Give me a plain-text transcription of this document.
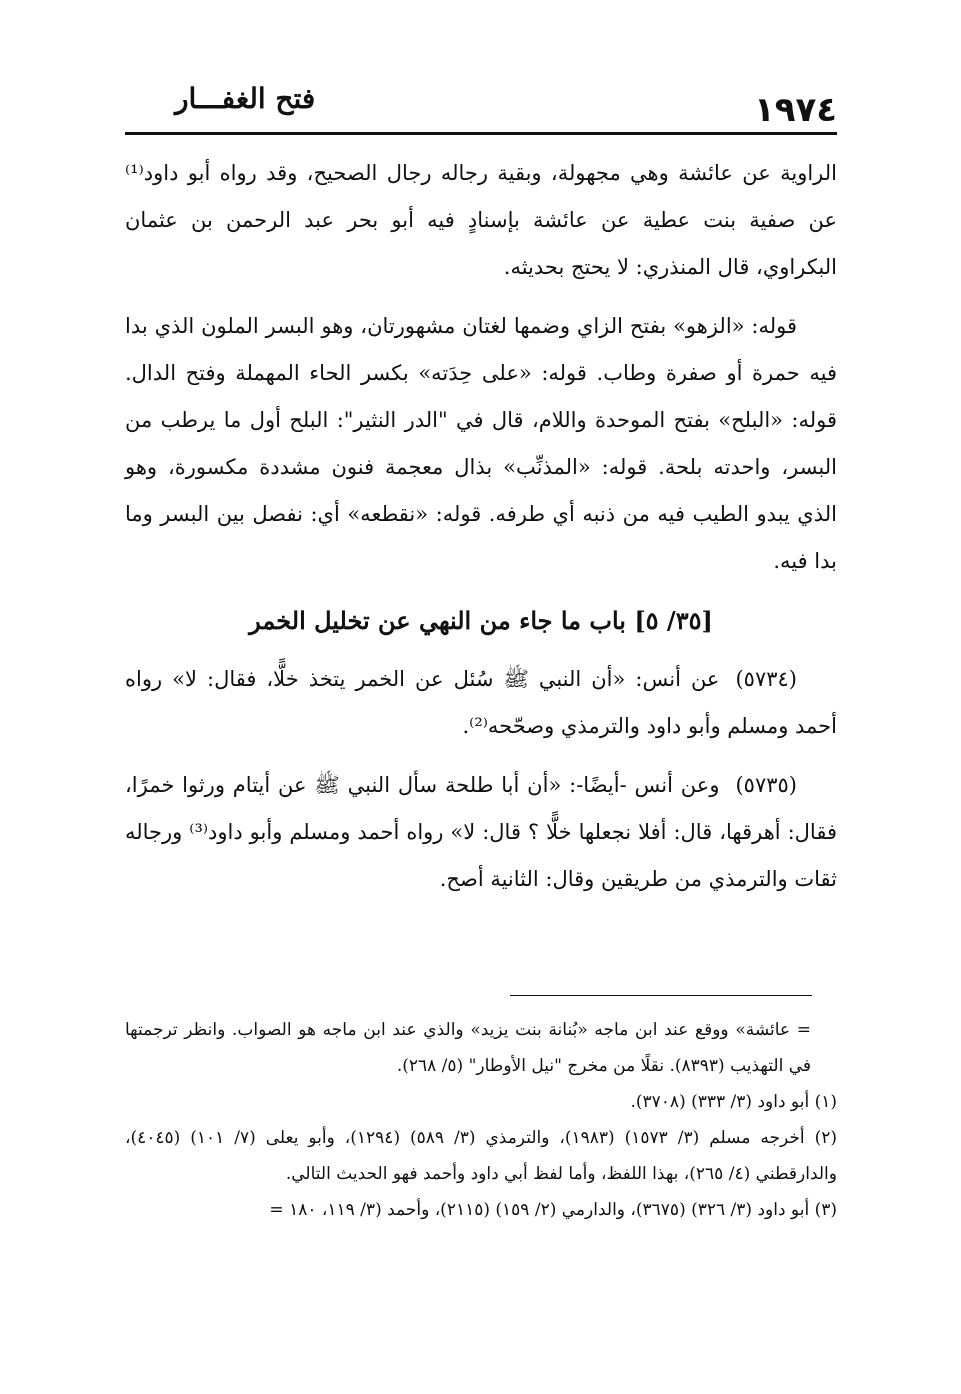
١٩٧٤
فتح الغفـــار

الراوية عن عائشة وهي مجهولة، وبقية رجاله رجال الصحيح، وقد رواه أبو داود⁽¹⁾ عن صفية بنت عطية عن عائشة بإسنادٍ فيه أبو بحر عبد الرحمن بن عثمان البكراوي، قال المنذري: لا يحتج بحديثه.

قوله: «الزهو» بفتح الزاي وضمها لغتان مشهورتان، وهو البسر الملون الذي بدا فيه حمرة أو صفرة وطاب. قوله: «على حِدَته» بكسر الحاء المهملة وفتح الدال. قوله: «البلح» بفتح الموحدة واللام، قال في "الدر النثير": البلح أول ما يرطب من البسر، واحدته بلحة. قوله: «المذنِّب» بذال معجمة فنون مشددة مكسورة، وهو الذي يبدو الطيب فيه من ذنبه أي طرفه. قوله: «نقطعه» أي: نفصل بين البسر وما بدا فيه.

[٣٥/ ٥] باب ما جاء من النهي عن تخليل الخمر

(٥٧٣٤)عن أنس: «أن النبي ﷺ سُئل عن الخمر يتخذ خلًّا، فقال: لا» رواه أحمد ومسلم وأبو داود والترمذي وصحّحه⁽²⁾.

(٥٧٣٥)وعن أنس -أيضًا-: «أن أبا طلحة سأل النبي ﷺ عن أيتام ورثوا خمرًا، فقال: أهرقها، قال: أفلا نجعلها خلًّا ؟ قال: لا» رواه أحمد ومسلم وأبو داود⁽³⁾ ورجاله ثقات والترمذي من طريقين وقال: الثانية أصح.

= عائشة» ووقع عند ابن ماجه «بُنانة بنت يزيد» والذي عند ابن ماجه هو الصواب. وانظر ترجمتها في التهذيب (٨٣٩٣). نقلًا من مخرج "نيل الأوطار" (٥/ ٢٦٨).

(١) أبو داود (٣/ ٣٣٣) (٣٧٠٨).

(٢) أخرجه مسلم (٣/ ١٥٧٣) (١٩٨٣)، والترمذي (٣/ ٥٨٩) (١٢٩٤)، وأبو يعلى (٧/ ١٠١) (٤٠٤٥)، والدارقطني (٤/ ٢٦٥)، بهذا اللفظ، وأما لفظ أبي داود وأحمد فهو الحديث التالي.

(٣) أبو داود (٣/ ٣٢٦) (٣٦٧٥)، والدارمي (٢/ ١٥٩) (٢١١٥)، وأحمد (٣/ ١١٩، ١٨٠ =
